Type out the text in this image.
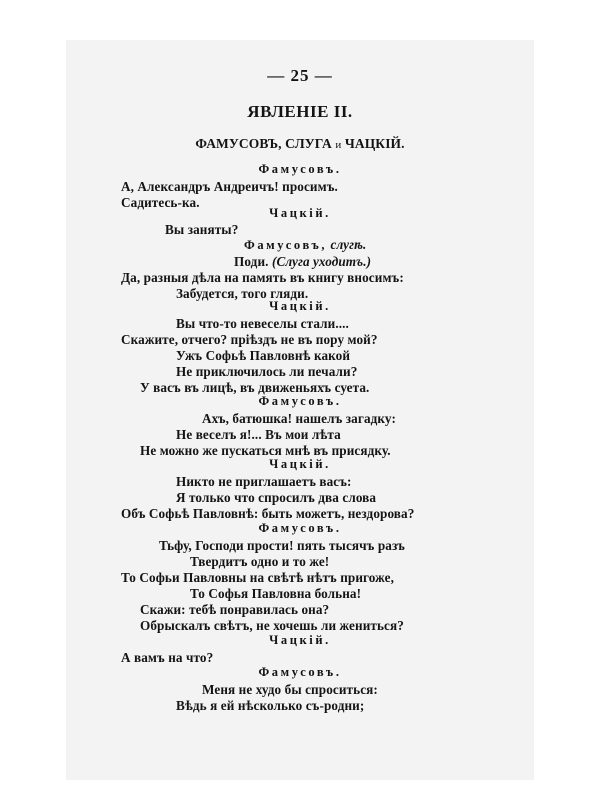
— 25 —
ЯВЛЕНІЕ II.
ФАМУСОВЪ, СЛУГА и ЧАЦКІЙ.
Фамусовъ.
А, Александръ Андреичъ! просимъ.
Садитесь-ка.
Чацкій.
Вы заняты?
Фамусовъ, слугѣ.
Поди. (Слуга уходитъ.)
Да, разныя дѣла на память въ книгу вносимъ:
Забудется, того гляди.
Чацкій.
Вы что-то невеселы стали....
Скажите, отчего? пріѣздъ не въ пору мой?
Ужъ Софьѣ Павловнѣ какой
Не приключилось ли печали?
У васъ въ лицѣ, въ движеньяхъ суета.
Фамусовъ.
Ахъ, батюшка! нашелъ загадку:
Не веселъ я!... Въ мои лѣта
Не можно же пускаться мнѣ въ присядку.
Чацкій.
Никто не приглашаетъ васъ:
Я только что спросилъ два слова
Объ Софьѣ Павловнѣ: быть можетъ, нездорова?
Фамусовъ.
Тьфу, Господи прости! пять тысячъ разъ
Твердитъ одно и то же!
То Софьи Павловны на свѣтѣ нѣтъ пригоже,
То Софья Павловна больна!
Скажи: тебѣ понравилась она?
Обрыскалъ свѣтъ, не хочешь ли жениться?
Чацкій.
А вамъ на что?
Фамусовъ.
Меня не худо бы спроситься:
Вѣдь я ей нѣсколько съ-родни;
